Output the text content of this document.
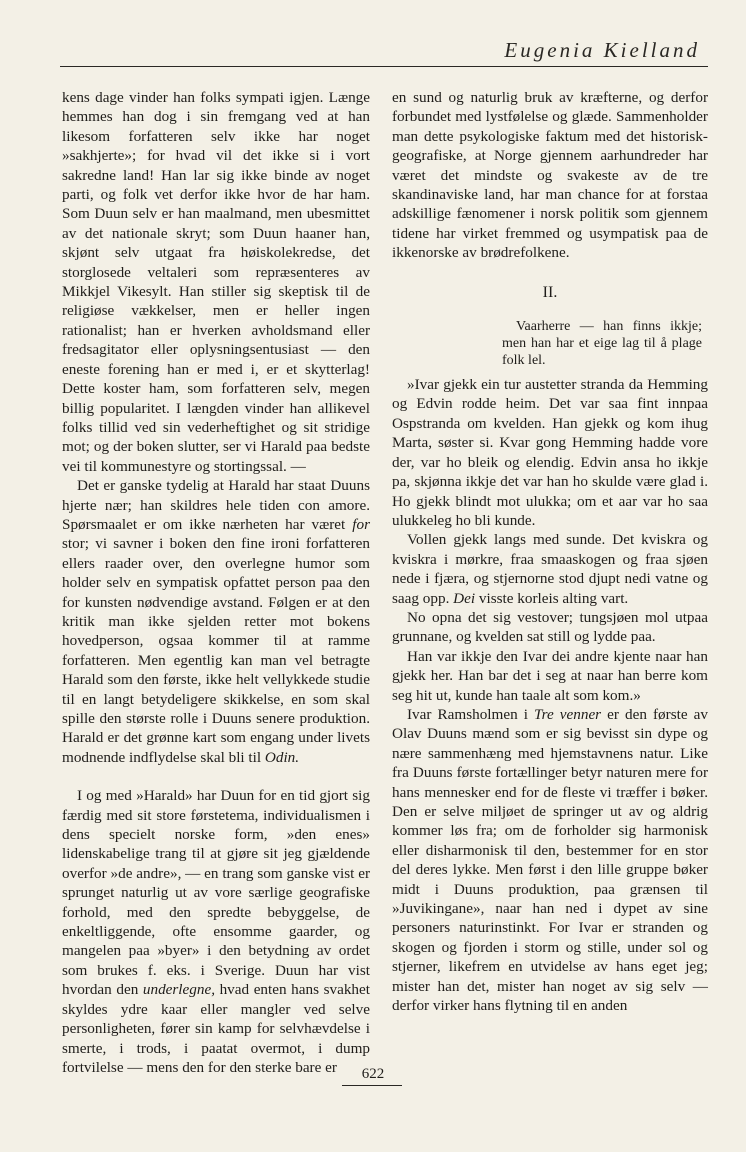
Eugenia Kielland

kens dage vinder han folks sympati igjen. Længe hemmes han dog i sin fremgang ved at han likesom forfatteren selv ikke har noget »sakhjerte»; for hvad vil det ikke si i vort sakredne land! Han lar sig ikke binde av noget parti, og folk vet derfor ikke hvor de har ham. Som Duun selv er han maalmand, men ubesmittet av det nationale skryt; som Duun haaner han, skjønt selv utgaat fra høiskolekredse, det storglosede veltaleri som repræsenteres av Mikkjel Vikesylt. Han stiller sig skeptisk til de religiøse vækkelser, men er heller ingen rationalist; han er hverken avholdsmand eller fredsagitator eller oplysningsentusiast — den eneste forening han er med i, er et skytterlag! Dette koster ham, som forfatteren selv, megen billig popularitet. I længden vinder han allikevel folks tillid ved sin vederheftighet og sit stridige mot; og der boken slutter, ser vi Harald paa bedste vei til kommunestyre og stortingssal. —

Det er ganske tydelig at Harald har staat Duuns hjerte nær; han skildres hele tiden con amore. Spørsmaalet er om ikke nærheten har været for stor; vi savner i boken den fine ironi forfatteren ellers raader over, den overlegne humor som holder selv en sympatisk opfattet person paa den for kunsten nødvendige avstand. Følgen er at den kritik man ikke sjelden retter mot bokens hovedperson, ogsaa kommer til at ramme forfatteren. Men egentlig kan man vel betragte Harald som den første, ikke helt vellykkede studie til en langt betydeligere skikkelse, en som skal spille den største rolle i Duuns senere produktion. Harald er det grønne kart som engang under livets modnende indflydelse skal bli til Odin.

I og med »Harald» har Duun for en tid gjort sig færdig med sit store førstetema, individualismen i dens specielt norske form, »den enes» lidenskabelige trang til at gjøre sit jeg gjældende overfor »de andre», — en trang som ganske vist er sprunget naturlig ut av vore særlige geografiske forhold, med den spredte bebyggelse, de enkeltliggende, ofte ensomme gaarder, og mangelen paa »byer» i den betydning av ordet som brukes f. eks. i Sverige. Duun har vist hvordan den underlegne, hvad enten hans svakhet skyldes ydre kaar eller mangler ved selve personligheten, fører sin kamp for selvhævdelse i smerte, i trods, i paatat overmot, i dump fortvilelse — mens den for den sterke bare er

en sund og naturlig bruk av kræfterne, og derfor forbundet med lystfølelse og glæde. Sammenholder man dette psykologiske faktum med det historisk-geografiske, at Norge gjennem aarhundreder har været det mindste og svakeste av de tre skandinaviske land, har man chance for at forstaa adskillige fænomener i norsk politik som gjennem tidene har virket fremmed og usympatisk paa de ikkenorske av brødrefolkene.

II.

Vaarherre — han finns ikkje; men han har et eige lag til å plage folk lel.

»Ivar gjekk ein tur austetter stranda da Hemming og Edvin rodde heim. Det var saa fint innpaa Ospstranda om kvelden. Han gjekk og kom ihug Marta, søster si. Kvar gong Hemming hadde vore der, var ho bleik og elendig. Edvin ansa ho ikkje pa, skjønna ikkje det var han ho skulde være glad i. Ho gjekk blindt mot ulukka; om et aar var ho saa ulukkeleg ho bli kunde.

Vollen gjekk langs med sunde. Det kviskra og kviskra i mørkre, fraa smaaskogen og fraa sjøen nede i fjæra, og stjernorne stod djupt nedi vatne og saag opp. Dei visste korleis alting vart.

No opna det sig vestover; tungsjøen mol utpaa grunnane, og kvelden sat still og lydde paa.

Han var ikkje den Ivar dei andre kjente naar han gjekk her. Han bar det i seg at naar han berre kom seg hit ut, kunde han taale alt som kom.»

Ivar Ramsholmen i Tre venner er den første av Olav Duuns mænd som er sig bevisst sin dype og nære sammenhæng med hjemstavnens natur. Like fra Duuns første fortællinger betyr naturen mere for hans mennesker end for de fleste vi træffer i bøker. Den er selve miljøet de springer ut av og aldrig kommer løs fra; om de forholder sig harmonisk eller disharmonisk til den, bestemmer for en stor del deres lykke. Men først i den lille gruppe bøker midt i Duuns produktion, paa grænsen til »Juvikingane», naar han ned i dypet av sine personers naturinstinkt. For Ivar er stranden og skogen og fjorden i storm og stille, under sol og stjerner, likefrem en utvidelse av hans eget jeg; mister han det, mister han noget av sig selv — derfor virker hans flytning til en anden

622
